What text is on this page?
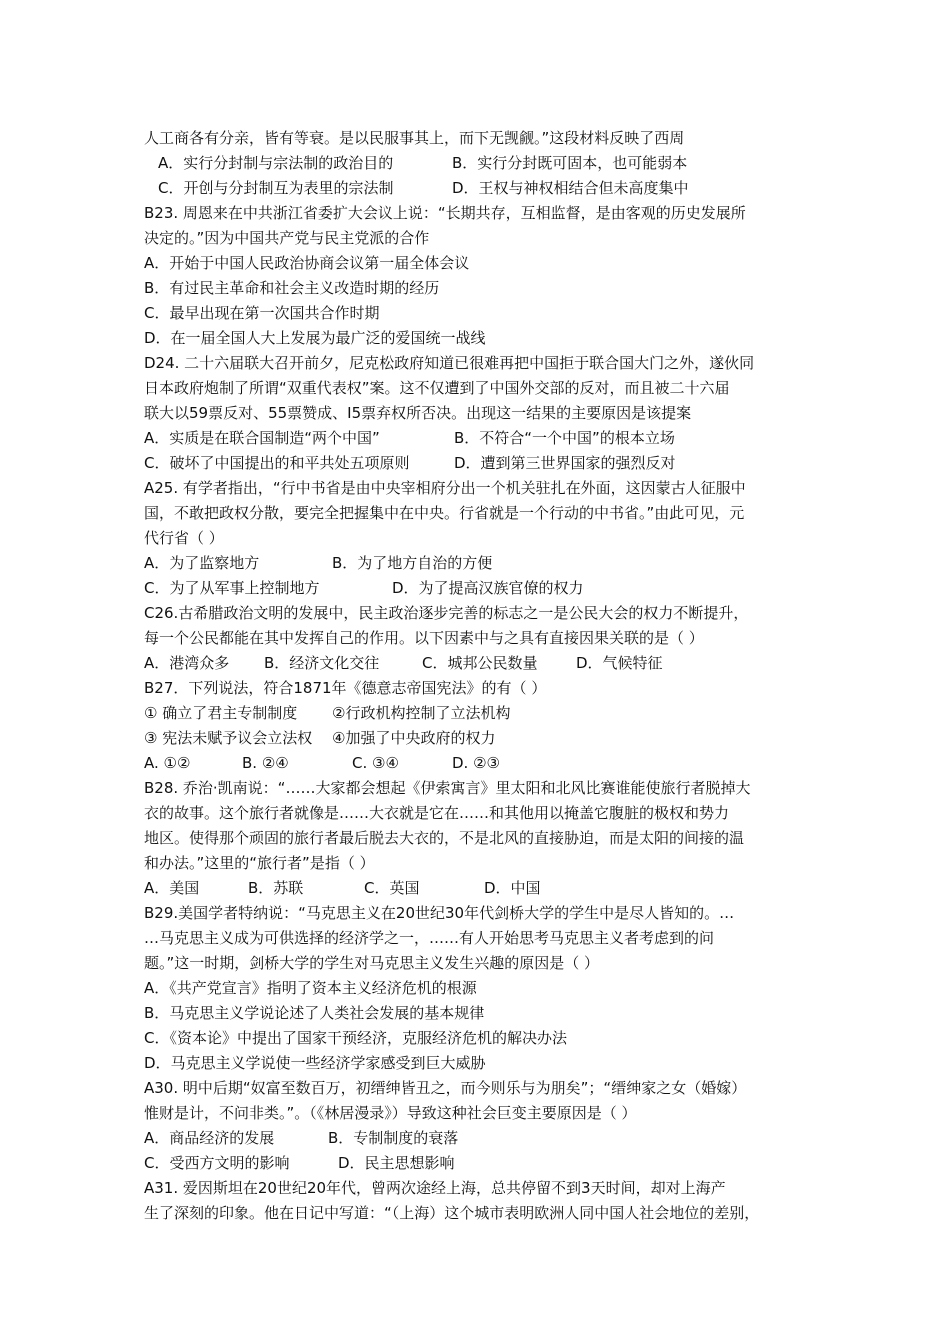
人工商各有分亲，皆有等衰。是以民服事其上，而下无觊觎。”这段材料反映了西周
A．实行分封制与宗法制的政治目的	B．实行分封既可固本，也可能弱本
C．开创与分封制互为表里的宗法制	D．王权与神权相结合但未高度集中
B23. 周恩来在中共浙江省委扩大会议上说：“长期共存，互相监督，是由客观的历史发展所
决定的。”因为中国共产党与民主党派的合作
A．开始于中国人民政治协商会议第一届全体会议
B．有过民主革命和社会主义改造时期的经历
C．最早出现在第一次国共合作时期
D．在一届全国人大上发展为最广泛的爱国统一战线
D24. 二十六届联大召开前夕，尼克松政府知道已很难再把中国拒于联合国大门之外，遂伙同
日本政府炮制了所谓“双重代表权”案。这不仅遭到了中国外交部的反对，而且被二十六届
联大以59票反对、55票赞成、I5票弃权所否决。出现这一结果的主要原因是该提案
A．实质是在联合国制造“两个中国”	B．不符合“一个中国”的根本立场
C．破坏了中国提出的和平共处五项原则	D．遭到第三世界国家的强烈反对
A25. 有学者指出，“行中书省是由中央宰相府分出一个机关驻扎在外面，这因蒙古人征服中
国，不敢把政权分散，要完全把握集中在中央。行省就是一个行动的中书省。”由此可见，元
代行省（ ）
A．为了监察地方	B．为了地方自治的方便
C．为了从军事上控制地方	D．为了提高汉族官僚的权力
C26.古希腊政治文明的发展中，民主政治逐步完善的标志之一是公民大会的权力不断提升，
每一个公民都能在其中发挥自己的作用。以下因素中与之具有直接因果关联的是（ ）
A．港湾众多 B．经济文化交往	C．城邦公民数量	D．气候特征
B27．下列说法，符合1871年《德意志帝国宪法》的有（ ）
① 确立了君主专制制度 ②行政机构控制了立法机构
③ 宪法未赋予议会立法权 ④加强了中央政府的权力
A. ①②	B. ②④	C. ③④	D. ②③
B28. 乔治·凯南说：“……大家都会想起《伊索寓言》里太阳和北风比赛谁能使旅行者脱掉大
衣的故事。这个旅行者就像是……大衣就是它在……和其他用以掩盖它腹脏的极权和势力
地区。使得那个顽固的旅行者最后脱去大衣的，不是北风的直接胁迫，而是太阳的间接的温
和办法。”这里的“旅行者”是指（ ）
A．美国	B．苏联	C．英国	D．中国
B29.美国学者特纳说：“马克思主义在20世纪30年代剑桥大学的学生中是尽人皆知的。…
…马克思主义成为可供选择的经济学之一，……有人开始思考马克思主义者考虑到的问
题。”这一时期，剑桥大学的学生对马克思主义发生兴趣的原因是（ ）
A．《共产党宣言》指明了资本主义经济危机的根源
B．马克思主义学说论述了人类社会发展的基本规律
C．《资本论》中提出了国家干预经济，克服经济危机的解决办法
D．马克思主义学说使一些经济学家感受到巨大威胁
A30. 明中后期“奴富至数百万，初缙绅皆丑之，而今则乐与为朋矣”；“缙绅家之女（婚嫁）
惟财是计，不问非类。”。（《林居漫录》）导致这种社会巨变主要原因是（ ）
A．商品经济的发展	B．专制制度的衰落
C．受西方文明的影响	D．民主思想影响
A31. 爱因斯坦在20世纪20年代，曾两次途经上海，总共停留不到3天时间，却对上海产
生了深刻的印象。他在日记中写道：“（上海）这个城市表明欧洲人同中国人社会地位的差别，
